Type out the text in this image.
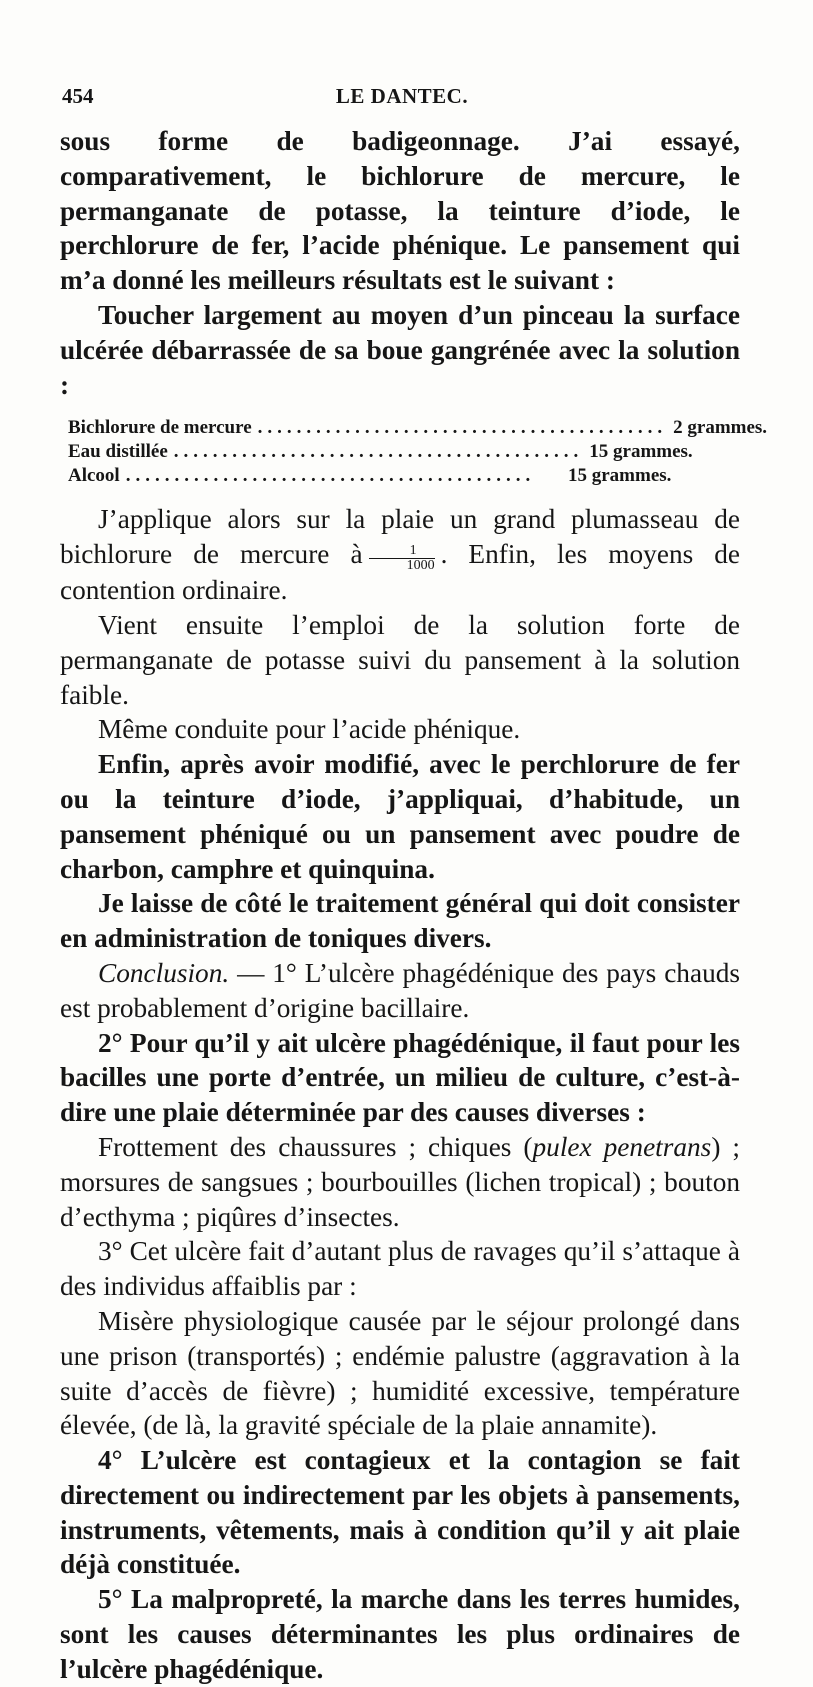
454	LE DANTEC.

sous forme de badigeonnage. J’ai essayé, comparativement, le bichlorure de mercure, le permanganate de potasse, la teinture d’iode, le perchlorure de fer, l’acide phénique. Le pansement qui m’a donné les meilleurs résultats est le suivant :

Toucher largement au moyen d’un pinceau la surface ulcérée débarrassée de sa boue gangrénée avec la solution :

Bichlorure de mercure .......................................... 2 grammes.
Eau distillée .......................................... 15 grammes.
Alcool ..........................................	15 grammes.

J’applique alors sur la plaie un grand plumasseau de bichlorure de mercure à $\frac{1}{1000}$ . Enfin, les moyens de contention ordinaire.

Vient ensuite l’emploi de la solution forte de permanganate de potasse suivi du pansement à la solution faible.

Même conduite pour l’acide phénique.

Enfin, après avoir modifié, avec le perchlorure de fer ou la teinture d’iode, j’appliquai, d’habitude, un pansement phéniqué ou un pansement avec poudre de charbon, camphre et quinquina.

Je laisse de côté le traitement général qui doit consister en administration de toniques divers.

Conclusion. — 1° L’ulcère phagédénique des pays chauds est probablement d’origine bacillaire.

2° Pour qu’il y ait ulcère phagédénique, il faut pour les bacilles une porte d’entrée, un milieu de culture, c’est-à-dire une plaie déterminée par des causes diverses :

Frottement des chaussures ; chiques (pulex penetrans) ; morsures de sangsues ; bourbouilles (lichen tropical) ; bouton d’ecthyma ; piqûres d’insectes.

3° Cet ulcère fait d’autant plus de ravages qu’il s’attaque à des individus affaiblis par :

Misère physiologique causée par le séjour prolongé dans une prison (transportés) ; endémie palustre (aggravation à la suite d’accès de fièvre) ; humidité excessive, température élevée, (de là, la gravité spéciale de la plaie annamite).

4° L’ulcère est contagieux et la contagion se fait directement ou indirectement par les objets à pansements, instruments, vêtements, mais à condition qu’il y ait plaie déjà constituée.

5° La malpropreté, la marche dans les terres humides, sont les causes déterminantes les plus ordinaires de l’ulcère phagédénique.
